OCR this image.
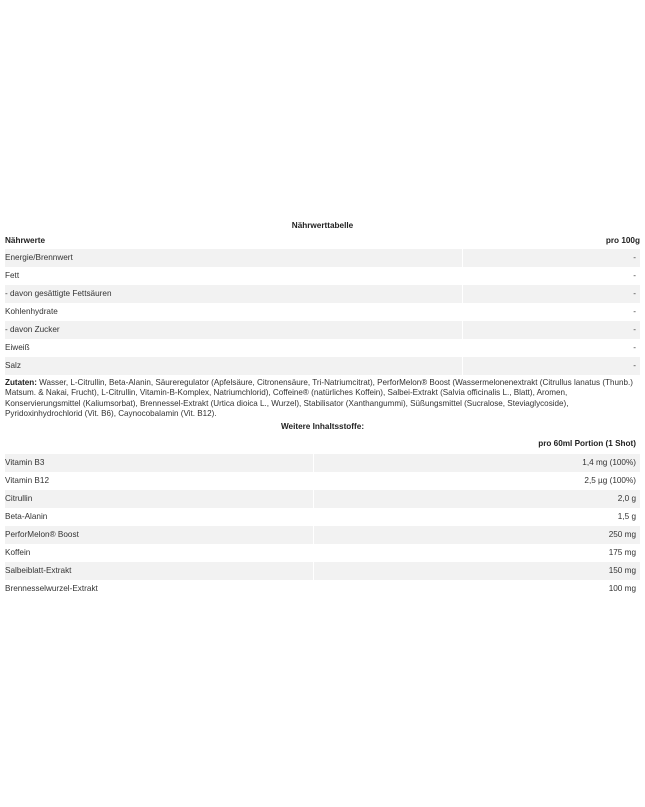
Nährwerttabelle
Nährwerte	pro 100g
Energie/Brennwert	-
Fett	-
- davon gesättigte Fettsäuren	-
Kohlenhydrate	-
- davon Zucker	-
Eiweiß	-
Salz	-
Zutaten: Wasser, L-Citrullin, Beta-Alanin, Säureregulator (Apfelsäure, Citronensäure, Tri-Natriumcitrat), PerforMelon® Boost (Wassermelonenextrakt (Citrullus lanatus (Thunb.) Matsum. & Nakai, Frucht), L-Citrullin, Vitamin-B-Komplex, Natriumchlorid), Coffeine® (natürliches Koffein), Salbei-Extrakt (Salvia officinalis L., Blatt), Aromen, Konservierungsmittel (Kaliumsorbat), Brennessel-Extrakt (Urtica dioica L., Wurzel), Stabilisator (Xanthangummi), Süßungsmittel (Sucralose, Steviaglycoside), Pyridoxinhydrochlorid (Vit. B6), Caynocobalamin (Vit. B12).
Weitere Inhaltsstoffe:
pro 60ml Portion (1 Shot)
Vitamin B3	1,4 mg (100%)
Vitamin B12	2,5 µg (100%)
Citrullin	2,0 g
Beta-Alanin	1,5 g
PerforMelon® Boost	250 mg
Koffein	175 mg
Salbeiblatt-Extrakt	150 mg
Brennesselwurzel-Extrakt	100 mg
